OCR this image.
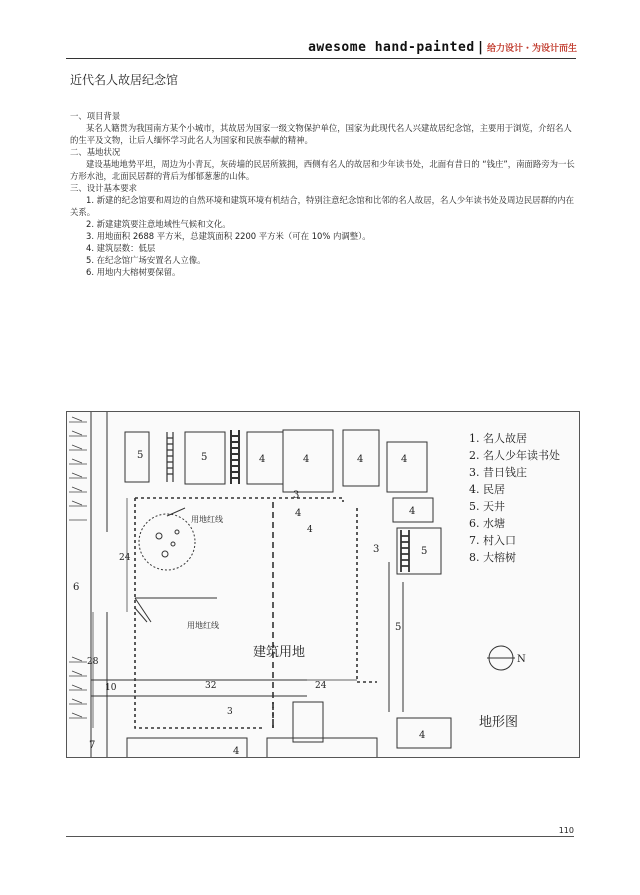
awesome hand-painted | 给力设计・为设计而生
近代名人故居纪念馆

一、项目背景

某名人籍贯为我国南方某个小城市，其故居为国家一级文物保护单位，国家为此现代名人兴建故居纪念馆，主要用于浏览，介绍名人的生平及文物，让后人缅怀学习此名人为国家和民族奉献的精神。

二、基地状况

建设基地地势平坦，周边为小青瓦，灰砖墙的民居所簇拥，西侧有名人的故居和少年读书处，北面有昔日的 “钱庄”，南面路旁为一长方形水池，北面民居群的背后为郁郁葱葱的山体。

三、设计基本要求

1. 新建的纪念馆要和周边的自然环境和建筑环境有机结合，特别注意纪念馆和比邻的名人故居，名人少年读书处及周边民居群的内在关系。

2. 新建建筑要注意地域性气候和文化。

3. 用地面积 2688 平方米，总建筑面积 2200 平方米（可在 10% 内调整）。

4. 建筑层数：低层

5. 在纪念馆广场安置名人立像。

6. 用地内大榕树要保留。

5	5	4	4	4	4
3
4	4
3	5
5
6
7
4
4
24
28
10	32	24
4
3
用地红线
用地红线
建筑用地	N
地形图
1. 名人故居
2. 名人少年读书处
3. 昔日钱庄
4. 民居
5. 天井
6. 水塘
7. 村入口
8. 大榕树
110
